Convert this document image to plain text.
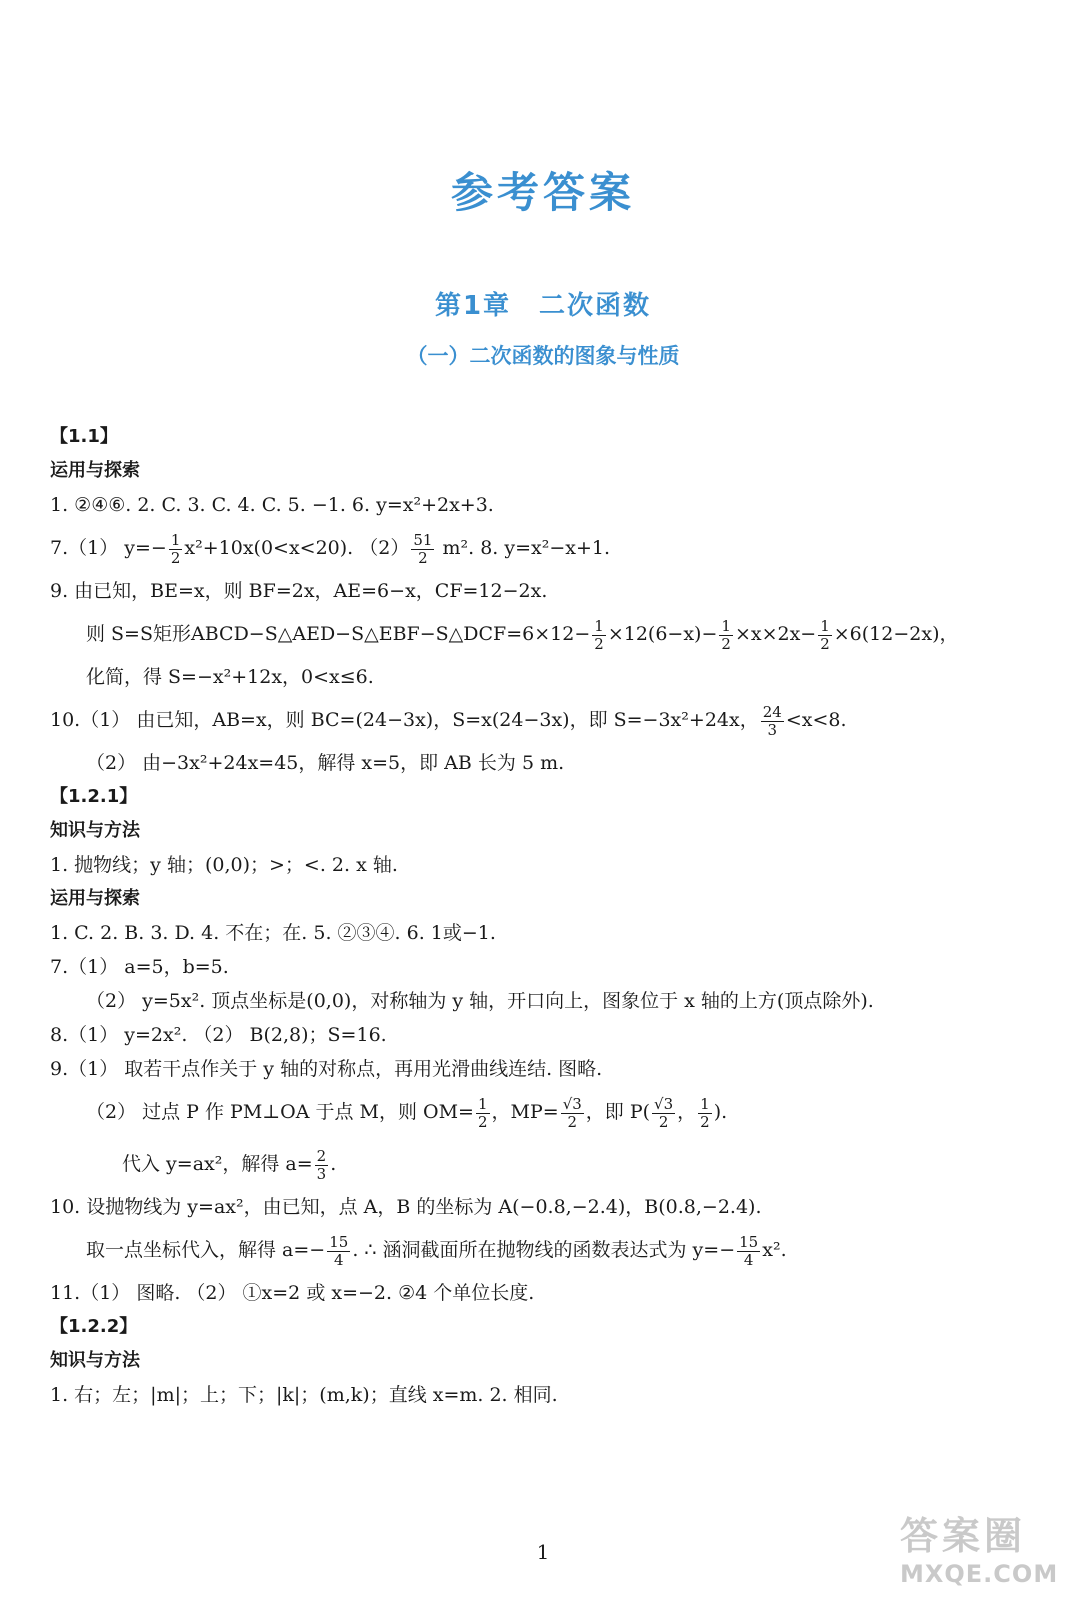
参考答案
第1章 二次函数
（一）二次函数的图象与性质
【1.1】
运用与探索
1. ②④⑥. 2. C. 3. C. 4. C. 5. −1. 6. y=x²+2x+3.
7.（1） $y=- \frac{1}{2} x^2+10x(0<x<20)$. $(2) \frac{51}{2} m^2$. 8. y=x²−x+1.
9. 由已知，BE=x，则 BF=2x，AE=6−x，CF=12−2x.
则 S=S矩形ABCD−S△AED−S△EBF−S△DCF=6×12− $\frac{1}{2} \times 12(6-x)- \frac{1}{2} \times x\times 2x- \frac{1}{2} \times 6(12-2x)$，
化简，得 S=−x²+12x，0<x≤6.
10.（1） 由已知，AB=x，则 BC=(24−3x)，S=x(24−3x)，即 S=−3x²+24x， $\frac{24}{3} <x<8$.
（2） 由−3x²+24x=45，解得 x=5，即 AB 长为 5 m.
【1.2.1】
知识与方法
1. 抛物线；y 轴；(0,0)；>；<. 2. x 轴.
运用与探索
1. C. 2. B. 3. D. 4. 不在；在. 5. ②③④. 6. 1或−1.
7.（1） a=5，b=5.
（2） y=5x². 顶点坐标是(0,0)，对称轴为 y 轴，开口向上，图象位于 x 轴的上方(顶点除外).
8.（1） y=2x². （2） B(2,8)；S=16.
9.（1） 取若干点作关于 y 轴的对称点，再用光滑曲线连结. 图略.
（2） 过点 P 作 PM⊥OA 于点 M，则 $OM= \frac{1}{2}$ ，$MP= \frac{√3}{2}$ ，即 $P( \frac{√3}{2}$ ， $\frac{1}{2}$ ).
代入 y=ax²，解得 $a= \frac{2}{3}$ .
10. 设抛物线为 y=ax²，由已知，点 A，B 的坐标为 A(−0.8,−2.4)，B(0.8,−2.4).
取一点坐标代入，解得 $a=- \frac{15}{4}$ . ∴ 涵洞截面所在抛物线的函数表达式为 $y=- \frac{15}{4} x^2$.
11.（1） 图略. （2） ①x=2 或 x=−2. ②4 个单位长度.
【1.2.2】
知识与方法
1. 右；左；|m|；上；下；|k|；(m,k)；直线 x=m. 2. 相同.
1	答案圈
MXQE.COM
